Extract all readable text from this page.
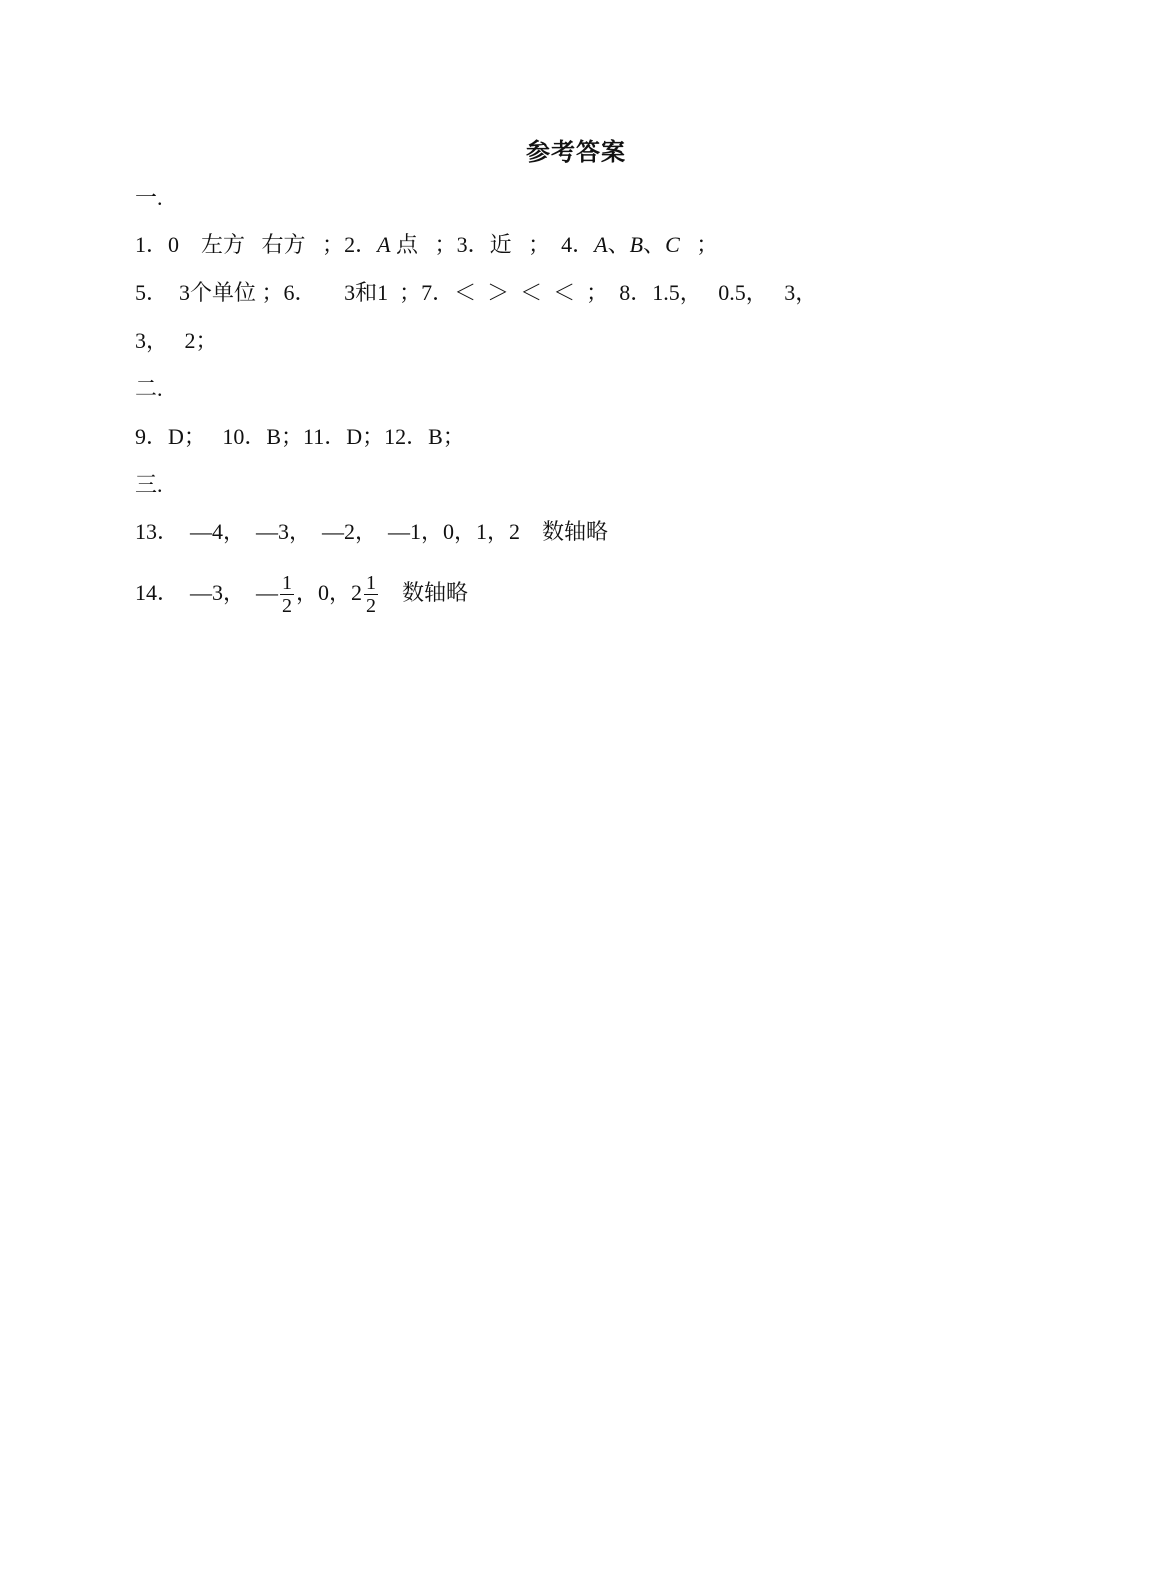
参考答案
一.
1．0 左方 右方 ；2．A 点 ；3．近 ； 4．A、B、C ；
5． 3个单位 ；6． 3和1 ；7．＜ ＞ ＜ ＜ ； 8．1.5， 0.5， 3，
3， 2；
二.
9．D；   10．B；11．D；12．B；
三.
13．  —4，  —3，  —2，  —1，0，1，2    数轴略
14．  —3，  — $\frac{1}{2}$ ，0，$2 \frac{1}{2}$ 数轴略
